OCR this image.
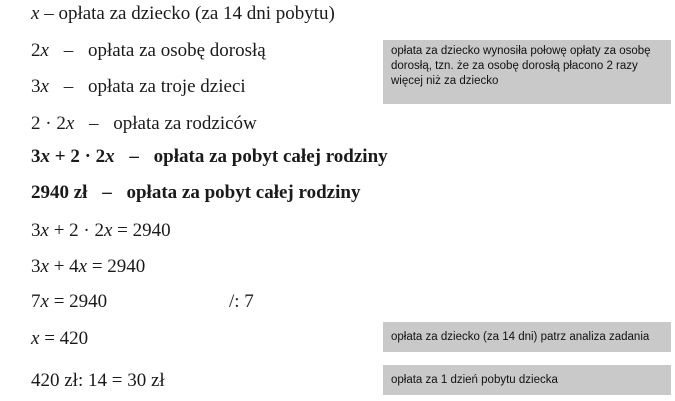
x – opłata za dziecko (za 14 dni pobytu)
2x – opłata za osobę dorosłą
3x – opłata za troje dzieci
2 · 2x – opłata za rodziców
3x + 2 · 2x – opłata za pobyt całej rodziny
2940 zł – opłata za pobyt całej rodziny
3x + 2 · 2x = 2940
3x + 4x = 2940
7x = 2940	/: 7
x = 420
420 zł: 14 = 30 zł
opłata za dziecko wynosiła połowę opłaty za osobę dorosłą, tzn. że za osobę dorosłą płacono 2 razy więcej niż za dziecko
opłata za dziecko (za 14 dni) patrz analiza zadania
opłata za 1 dzień pobytu dziecka
